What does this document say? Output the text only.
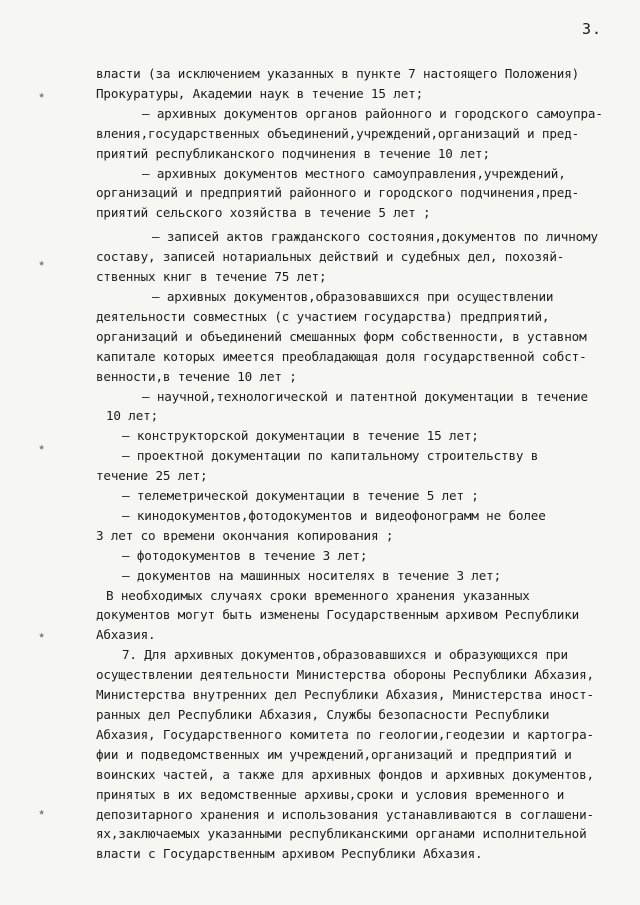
3.
٭
٭
٭
٭
٭
власти (за исключением указанных в пункте 7 настоящего Положения)
Прокуратуры, Академии наук в течение 15 лет;
– архивных документов органов районного и городского самоупра-
вления,государственных объединений,учреждений,организаций и пред-
приятий республиканского подчинения в течение 10 лет;
– архивных документов местного самоуправления,учреждений,
организаций и предприятий районного и городского подчинения,пред-
приятий сельского хозяйства в течение 5 лет ;
– записей актов гражданского состояния,документов по личному
составу, записей нотариальных действий и судебных дел, похозяй-
ственных книг в течение 75 лет;
– архивных документов,образовавшихся при осуществлении
деятельности совместных (с участием государства) предприятий,
организаций и объединений смешанных форм собственности, в уставном
капитале которых имеется преобладающая доля государственной собст-
венности,в течение 10 лет ;
– научной,технологической и патентной документации в течение
10 лет;
– конструкторской документации в течение 15 лет;
– проектной документации по капитальному строительству в
течение 25 лет;
– телеметрической документации в течение 5 лет ;
– кинодокументов,фотодокументов и видеофонограмм не более
3 лет со времени окончания копирования ;
– фотодокументов в течение 3 лет;
– документов на машинных носителях в течение 3 лет;
В необходимых случаях сроки временного хранения указанных
документов могут быть изменены Государственным архивом Республики
Абхазия.
7. Для архивных документов,образовавшихся и образующихся при
осуществлении деятельности Министерства обороны Республики Абхазия,
Министерства внутренних дел Республики Абхазия, Министерства иност-
ранных дел Республики Абхазия, Службы безопасности Республики
Абхазия, Государственного комитета по геологии,геодезии и картогра-
фии и подведомственных им учреждений,организаций и предприятий и
воинских частей, а также для архивных фондов и архивных документов,
принятых в их ведомственные архивы,сроки и условия временного и
депозитарного хранения и использования устанавливаются в соглашени-
ях,заключаемых указанными республиканскими органами исполнительной
власти с Государственным архивом Республики Абхазия.
